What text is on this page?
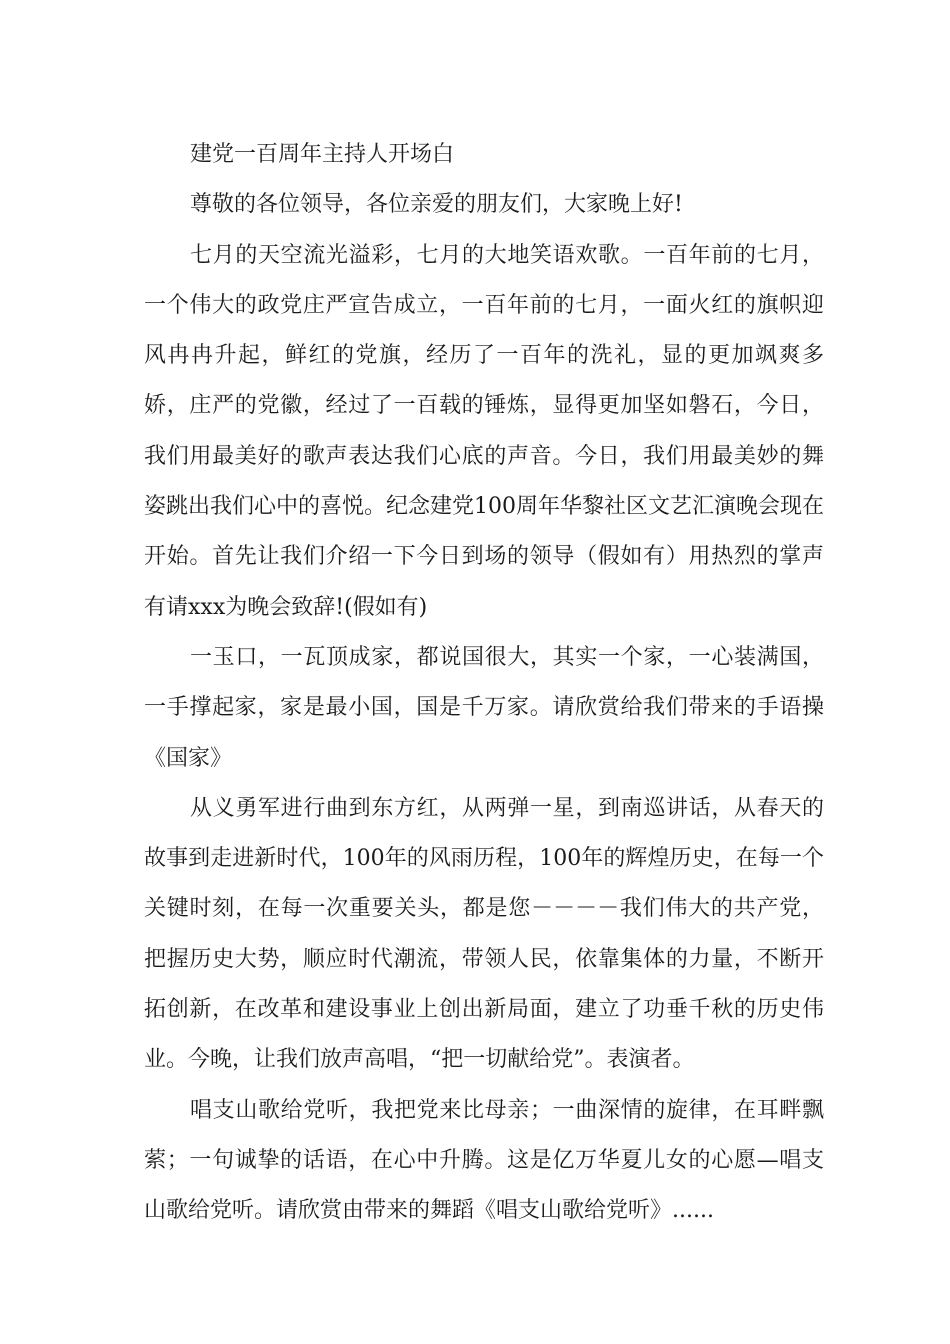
建党一百周年主持人开场白

尊敬的各位领导，各位亲爱的朋友们，大家晚上好!

七月的天空流光溢彩，七月的大地笑语欢歌。一百年前的七月，一个伟大的政党庄严宣告成立，一百年前的七月，一面火红的旗帜迎风冉冉升起，鲜红的党旗，经历了一百年的洗礼，显的更加飒爽多娇，庄严的党徽，经过了一百载的锤炼，显得更加坚如磐石，今日，我们用最美好的歌声表达我们心底的声音。今日，我们用最美妙的舞姿跳出我们心中的喜悦。纪念建党100周年华黎社区文艺汇演晚会现在开始。首先让我们介绍一下今日到场的领导（假如有）用热烈的掌声有请xxx为晚会致辞!(假如有)

一玉口，一瓦顶成家，都说国很大，其实一个家，一心装满国，一手撑起家，家是最小国，国是千万家。请欣赏给我们带来的手语操《国家》

从义勇军进行曲到东方红，从两弹一星，到南巡讲话，从春天的故事到走进新时代，100年的风雨历程，100年的辉煌历史，在每一个关键时刻，在每一次重要关头，都是您－－－－我们伟大的共产党，把握历史大势，顺应时代潮流，带领人民，依靠集体的力量，不断开拓创新，在改革和建设事业上创出新局面，建立了功垂千秋的历史伟业。今晚，让我们放声高唱，“把一切献给党”。表演者。

唱支山歌给党听，我把党来比母亲；一曲深情的旋律，在耳畔飘萦；一句诚挚的话语，在心中升腾。这是亿万华夏儿女的心愿—唱支山歌给党听。请欣赏由带来的舞蹈《唱支山歌给党听》......
